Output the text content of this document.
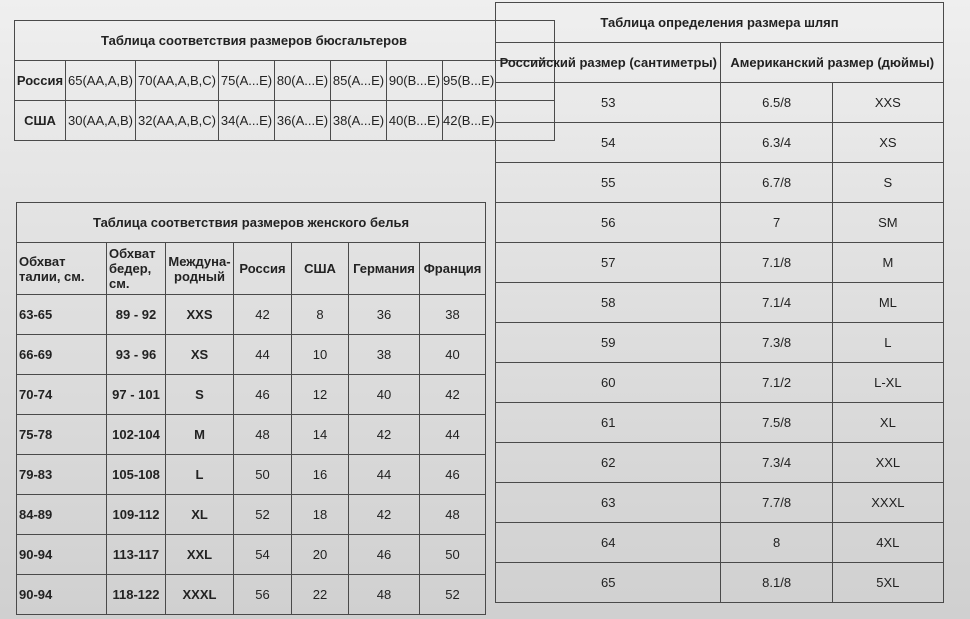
Таблица соответствия размеров бюсгальтеров							
Россия	65(AA,A,B)	70(AA,A,B,C)	75(A...E)	80(A...E)	85(A...E)	90(B...E)	95(B...E)
США	30(AA,A,B)	32(AA,A,B,C)	34(A...E)	36(A...E)	38(A...E)	40(B...E)	42(B...E)
Таблица соответствия размеров женского белья						
Обхват талии, см.	Обхват бедер, см.	Междуна-родный	Россия	США	Германия	Франция
63-65	89 - 92	XXS	42	8	36	38
66-69	93 - 96	XS	44	10	38	40
70-74	97 - 101	S	46	12	40	42
75-78	102-104	M	48	14	42	44
79-83	105-108	L	50	16	44	46
84-89	109-112	XL	52	18	42	48
90-94	113-117	XXL	54	20	46	50
90-94	118-122	XXXL	56	22	48	52
Таблица определения размера шляп		
Российский размер (сантиметры)	Американский размер (дюймы)	
53	6.5/8	XXS
54	6.3/4	XS
55	6.7/8	S
56	7	SM
57	7.1/8	M
58	7.1/4	ML
59	7.3/8	L
60	7.1/2	L-XL
61	7.5/8	XL
62	7.3/4	XXL
63	7.7/8	XXXL
64	8	4XL
65	8.1/8	5XL
